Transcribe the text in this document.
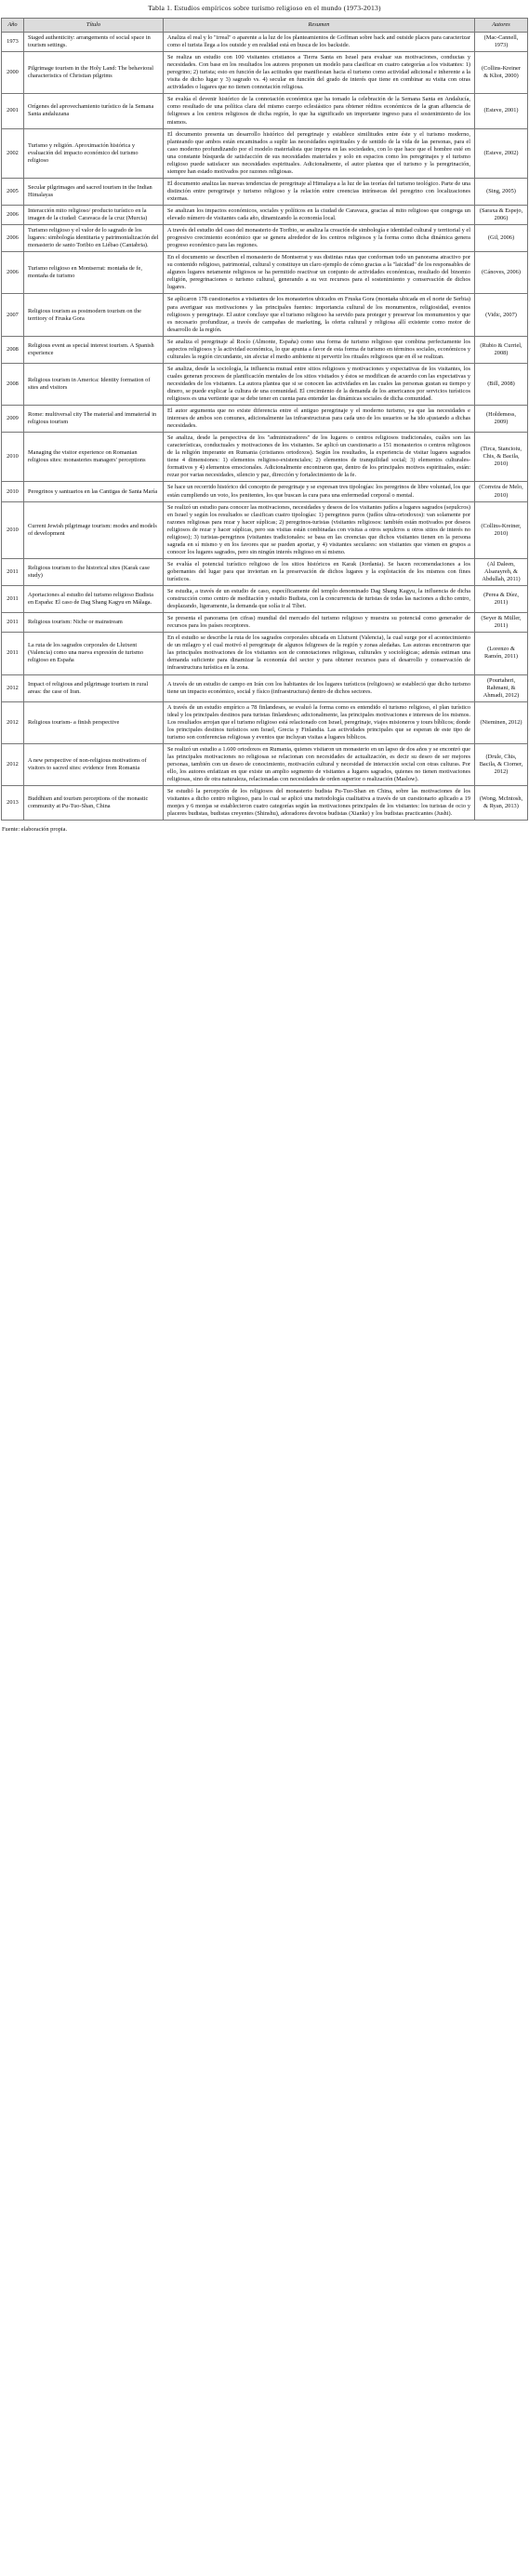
Tabla 1. Estudios empíricos sobre turismo religioso en el mundo (1973-2013)
Año	Título	Resumen	Autores
1973	Staged authenticity: arrangements of social space in tourism settings.	Analiza el real y lo "irreal" o aparente a la luz de los planteamientos de Goffman sobre back and outside places para caracterizar como el turista llega a los outside y en realidad está en busca de los backside.	(Mac-Cannell, 1973)
2000	Pilgrimage tourism in the Holy Land: The behavioral characteristics of Christian pilgrims	Se realiza un estudio con 100 visitantes cristianos a Tierra Santa en Israel para evaluar sus motivaciones, conductas y necesidades. Con base en los resultados los autores proponen un modelo para clasificar en cuatro categorías a los visitantes: 1) peregrino; 2) turista; esto en función de las actitudes que manifiestan hacia el turismo como actividad adicional e inherente a la visita de dicho lugar y 3) sagrado vs. 4) secular en función del grado de interés que tiene en combinar su visita con otras actividades o lugares que no tienen connotación religiosa.	(Collins-Kreiner & Kliot, 2000)
2001	Orígenes del aprovechamiento turístico de la Semana Santa andaluzana	Se evalúa el devenir histórico de la connotación económica que ha tomado la celebración de la Semana Santa en Andalucía, como resultado de una política clara del mismo cuerpo eclesiástico para obtener réditos económicos de la gran afluencia de feligreses a los centros religiosos de dicha región, lo que ha significado un importante ingreso para el sostenimiento de los mismos.	(Esteve, 2001)
2002	Turismo y religión. Aproximación histórica y evaluación del impacto económico del turismo religioso	El documento presenta un desarrollo histórico del peregrinaje y establece similitudes entre éste y el turismo moderno, planteando que ambos están encaminados a suplir las necesidades espirituales y de sentido de la vida de las personas, para el caso moderno profundizando por el modelo materialista que impera en las sociedades, con lo que hace que el hombre esté en una constante búsqueda de satisfacción de sus necesidades materiales y solo en espacios como los peregrinajes y el turismo religioso puede satisfacer sus necesidades espirituales. Adicionalmente, el autor plantea que el turismo y la peregrinación, siempre han estado motivados por razones religiosas.	(Esteve, 2002)
2005	Secular pilgrimages and sacred tourism in the Indian Himalayas	El documento analiza las nuevas tendencias de peregrinaje al Himalaya a la luz de las teorías del turismo teológico. Parte de una distinción entre peregrinaje y turismo religioso y la relación entre creencias intrínsecas del peregrino con localizaciones externas.	(Sing, 2005)
2006	Interacción mito religioso/ producto turístico en la imagen de la ciudad: Caravaca de la cruz (Murcia)	Se analizan los impactos económicos, sociales y políticos en la ciudad de Caravaca, gracias al mito religioso que congrega un elevado número de visitantes cada año, dinamizando la economía local.	(Saraxa & Espejo, 2006)
2006	Turismo religioso y el valor de lo sagrado de los lugares: simbología identitaria y patrimonialización del monasterio de santo Toribio en Liébao (Cantabria).	A través del estudio del caso del monasterio de Toribio, se analiza la creación de simbología e identidad cultural y territorial y el progresivo crecimiento económico que se genera alrededor de los centros religiosos y la forma como dicha dinámica genera progreso económico para las regiones.	(Gil, 2006)
2006	Turismo religioso en Montserrat: montaña de fe, montaña de turismo	En el documento se describen el monasterio de Montserrat y sus distintas rutas que conforman todo un panorama atractivo por su contenido religioso, patrimonial, cultural y constituye un claro ejemplo de cómo gracias a la "laicidad" de los responsables de algunos lugares netamente religiosos se ha permitido reactivar un conjunto de actividades económicas, resultado del binomio religión, peregrinaciones o turismo cultural, generando a su vez recursos para el sostenimiento y conservación de dichos lugares.	(Cánoves, 2006)
2007	Religious tourism as postmodern tourism on the territory of Fruska Gora	Se aplicaron 178 cuestionarios a visitantes de los monasterios ubicados en Fruska Gora (montaña ubicada en el norte de Serbia) para averiguar sus motivaciones y las principales fuentes: importancia cultural de los monumentos, religiosidad, eventos religiosos y peregrinaje. El autor concluye que el turismo religioso ha servido para proteger y preservar los monumentos y que es necesario profundizar, a través de campañas de marketing, la oferta cultural y religiosa allí existente como motor de desarrollo de la región.	(Vidic, 2007)
2008	Religious event as special interest tourism. A Spanish experience	Se analiza el peregrinaje al Rocío (Almonte, España) como una forma de turismo religioso que combina perfectamente los aspectos religiosos y la actividad económica, lo que apunta a favor de esta forma de turismo en términos sociales, económicos y culturales la región circundante, sin afectar el medio ambiente ni pervertir los rituales religiosos que en él se realizan.	(Rubio & Curriel, 2008)
2008	Religious tourism in America: Identity formation of sites and visitors	Se analiza, desde la sociología, la influencia mutual entre sitios religiosos y motivaciones y expectativas de los visitantes, los cuales generan procesos de planificación mentales de los sitios visitados y éstos se modifican de acuerdo con las expectativas y necesidades de los visitantes. La autora plantea que si se conocen las actividades en las cuales las personas gustan su tiempo y dinero, se puede explicar la cultura de una comunidad. El crecimiento de la demanda de los americanos por servicios turísticos religiosos es una vertiente que se debe tener en cuenta para entender las dinámicas sociales de dicha comunidad.	(Bill, 2008)
2009	Rome: multiversal city The material and immaterial in religious tourism	El autor argumenta que no existe diferencia entre el antiguo peregrinaje y el moderno turismo, ya que las necesidades e intereses de ambos son comunes, adicionalmente las infraestructuras para cada uno de los usuarios se ha ido ajustando a dichas necesidades.	(Holdemess, 2009)
2010	Managing the visitor experience on Romanian religious sites: monasteries managers' perceptions	Se analiza, desde la perspectiva de los "administradores" de los lugares o centros religiosos tradicionales, cuáles son las características, conductuales y motivaciones de los visitantes. Se aplicó un cuestionario a 151 monasterios o centros religiosos de la religión imperante en Rumania (cristianos ortodoxos). Según los resultados, la experiencia de visitar lugares sagrados tiene 4 dimensiones: 1) elementos religioso-existenciales; 2) elementos de tranquilidad social; 3) elementos culturales-formativos y 4) elementos emocionales. Adicionalmente encontraron que, dentro de los principales motivos espirituales, están: rezar por varias necesidades, silencio y paz, dirección y fortalecimiento de la fe.	(Tirca, Stancioiu, Chis, & Bacila, 2010)
2010	Peregrinos y santuarios en las Cantigas de Santa María	Se hace un recorrido histórico del concepto de peregrinaje y se expresan tres tipologías: los peregrinos de libre voluntad, los que están cumpliendo un voto, los penitentes, los que buscan la cura para una enfermedad corporal o mental.	(Correira de Melo, 2010)
2010	Current Jewish pilgrimage tourism: modes and models of development	Se realizó un estudio para conocer las motivaciones, necesidades y deseos de los visitantes judíos a lugares sagrados (sepulcros) en Israel y según los resultados se clasifican cuatro tipologías: 1) peregrinos puros (judíos ultra-ortodoxos): van solamente por razones religiosas para rezar y hacer súplicas; 2) peregrinos-turistas (visitantes religiosos: también están motivados por deseos religiosos de rezar y hacer súplicas, pero sus visitas están combinadas con visitas a otros sepulcros u otros sitios de interés no religioso); 3) turistas-peregrinos (visitantes tradicionales: se basa en las creencias que dichos visitantes tienen en la persona sagrada en sí mismo y en los favores que se pueden aportar, y 4) visitantes seculares: son visitantes que vienen en grupos a conocer los lugares sagrados, pero sin ningún interés religioso en sí mismo.	(Collins-Kreiner, 2010)
2011	Religious tourism to the historical sites (Karak case study)	Se evalúa el potencial turístico religioso de los sitios históricos en Karak (Jordania). Se hacen recomendaciones a los gobernantes del lugar para que inviertan en la preservación de dichos lugares y la explotación de los mismos con fines turísticos.	(Al Daleen, Alsarayreh, & Abdullah, 2011)
2011	Aportaciones al estudio del turismo religioso Budista en España: El caso de Dag Shang Kagyu en Málaga.	Se estudia, a través de un estudio de caso, específicamente del templo denominado Dag Shang Kagyu, la influencia de dicha construcción como centro de meditación y estudio Budista, con la concurrencia de turistas de todas las naciones a dicho centro, desplazando, ligeramente, la demanda que solía ir al Tíbet.	(Perea & Díez, 2011)
2011	Religious tourism: Niche or mainstream	Se presenta el panorama (en cifras) mundial del mercado del turismo religioso y muestra su potencial como generador de recursos para los países receptores.	(Seyer & Müller, 2011)
2011	La ruta de los sagrados corporales de Llutxent (Valencia) como una nueva expresión de turismo religioso en España	En el estudio se describe la ruta de los sagrados corporales ubicada en Llutxent (Valencia), la cual surge por el acontecimiento de un milagro y el cual motivó el peregrinaje de algunos feligreses de la región y zonas aledañas. Las autoras encontraron que las principales motivaciones de los visitantes son de connotaciones religiosas, culturales y sociológicas; además estiman una demanda suficiente para dinamizar la economía del sector y para obtener recursos para el desarrollo y conservación de infraestructura turística en la zona.	(Lorenzo & Ramón, 2011)
2012	Impact of religious and pilgrimage tourism in rural areas: the case of Iran.	A través de un estudio de campo en Irán con los habitantes de los lugares turísticos (religiosos) se estableció que dicho turismo tiene un impacto económico, social y físico (infraestructura) dentro de dichos sectores.	(Pourtaheri, Rahmani, & Ahmadi, 2012)
2012	Religious tourism- a finish perspective	A través de un estudio empírico a 78 finlandeses, se evaluó la forma como es entendido el turismo religioso, el plan turístico ideal y los principales destinos para turistas finlandeses; adicionalmente, las principales motivaciones e intereses de los mismos. Los resultados arrojan que el turismo religioso está relacionado con Israel, peregrinaje, viajes misioneros y tours bíblicos; donde los principales destinos turísticos son Israel, Grecia y Finlandia. Las actividades principales que se esperan de este tipo de turismo son conferencias religiosas y eventos que incluyan visitas a lugares bíblicos.	(Nieminen, 2012)
2012	A new perspective of non-religious motivations of visitors to sacred sites: evidence from Romania	Se realizó un estudio a 1.600 ortodoxos en Rumania, quienes visitaron un monasterio en un lapso de dos años y se encontró que las principales motivaciones no religiosas se relacionan con necesidades de actualización, es decir su deseo de ser mejores personas, también con un deseo de conocimiento, motivación cultural y necesidad de interacción social con otras culturas. Por ello, los autores enfatizan en que existe un amplio segmento de visitantes a lugares sagrados, quienes no tienen motivaciones religiosas, sino de otra naturaleza, relacionadas con necesidades de orden superior o realización (Maslow).	(Drule, Chis, Bacila, & Ciorner, 2012)
2013	Buddhism and tourism perceptions of the monastic community at Pu-Tuo-Shan, China	Se estudió la percepción de los religiosos del monasterio budista Pu-Tuo-Shan en China, sobre las motivaciones de los visitantes a dicho centro religioso, para lo cual se aplicó una metodología cualitativa a través de un cuestionario aplicado a 19 monjes y 6 monjas se establecieron cuatro categorías según las motivaciones principales de los visitantes: los turistas de ocio y placeres budistas, budistas creyentes (Shinshu), adoradores devotos budistas (Xianke) y los budistas practicantes (Jushi).	(Wong, McIntosh, & Ryan, 2013)
Fuente: elaboración propia.
